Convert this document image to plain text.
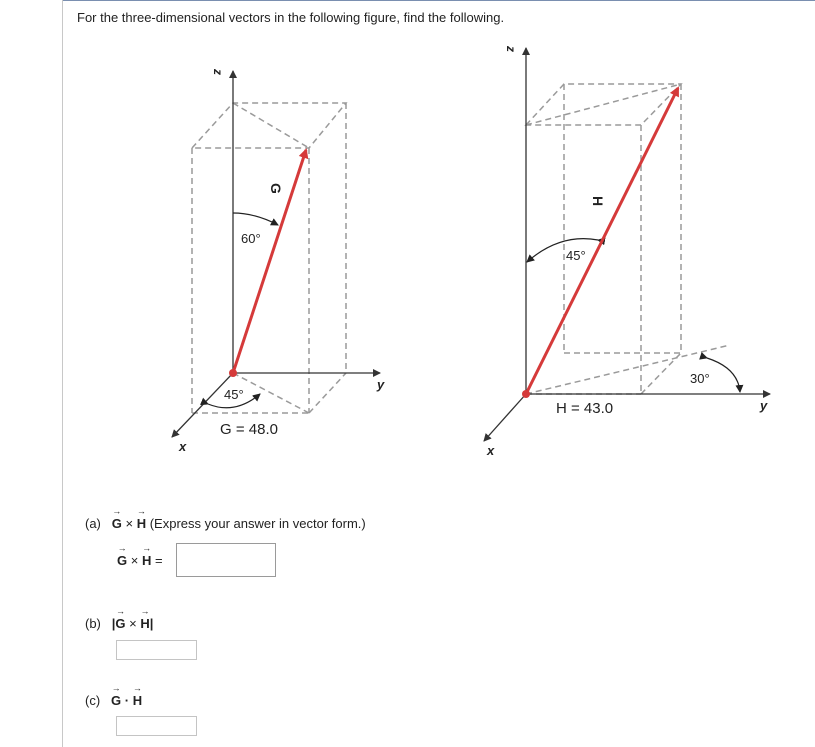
For the three-dimensional vectors in the following figure, find the following.
z
y
x
G
60°
45°
G = 48.0
z
y
x
H
45°
30°
H = 43.0
(a)
→
G ×
→
H (Express your answer in vector form.)
→
G ×
→
H =
(b) |
→
G ×
→
H|
(c)
→
G ·
→
H
